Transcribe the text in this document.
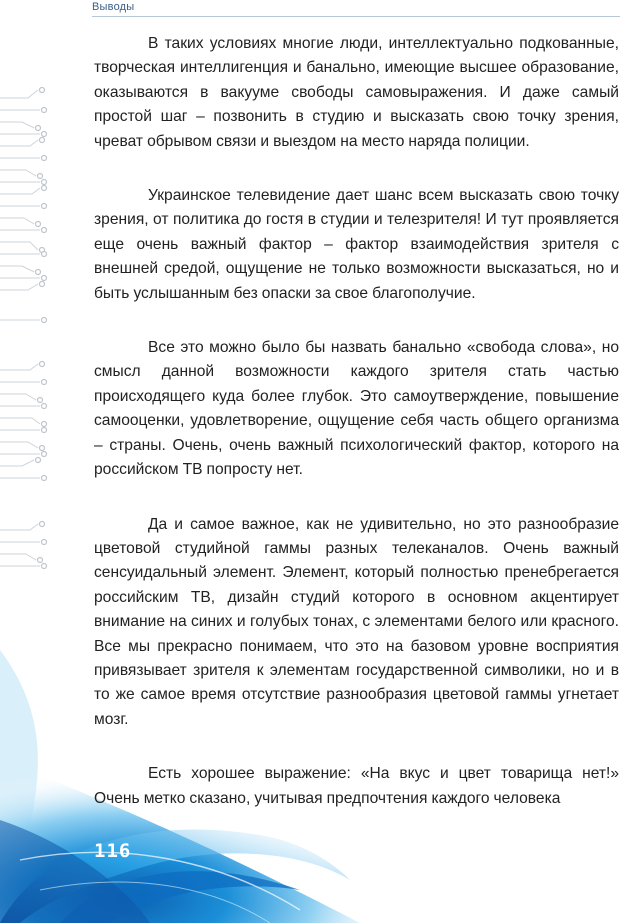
Выводы

В таких условиях многие люди, интеллектуально подкованные, творческая интеллигенция и банально, имеющие высшее образование, оказываются в вакууме свободы самовыражения. И даже самый простой шаг – позвонить в студию и высказать свою точку зрения, чреват обрывом связи и выездом на место наряда полиции.

Украинское телевидение дает шанс всем высказать свою точку зрения, от политика до гостя в студии и телезрителя! И тут проявляется еще очень важный фактор – фактор взаимодействия зрителя с внешней средой, ощущение не только возможности высказаться, но и быть услышанным без опаски за свое благополучие.

Все это можно было бы назвать банально «свобода слова», но смысл данной возможности каждого зрителя стать частью происходящего куда более глубок. Это самоутверждение, повышение самооценки, удовлетворение, ощущение себя часть общего организма – страны. Очень, очень важный психологический фактор, которого на российском ТВ попросту нет.

Да и самое важное, как не удивительно, но это разнообразие цветовой студийной гаммы разных телеканалов. Очень важный сенсуидальный элемент. Элемент, который полностью пренебрегается российским ТВ, дизайн студий которого в основном акцентирует внимание на синих и голубых тонах, с элементами белого или красного. Все мы прекрасно понимаем, что это на базовом уровне восприятия привязывает зрителя к элементам государственной символики, но и в то же самое время отсутствие разнообразия цветовой гаммы угнетает мозг.

Есть хорошее выражение: «На вкус и цвет товарища нет!» Очень метко сказано, учитывая предпочтения каждого человека

116
